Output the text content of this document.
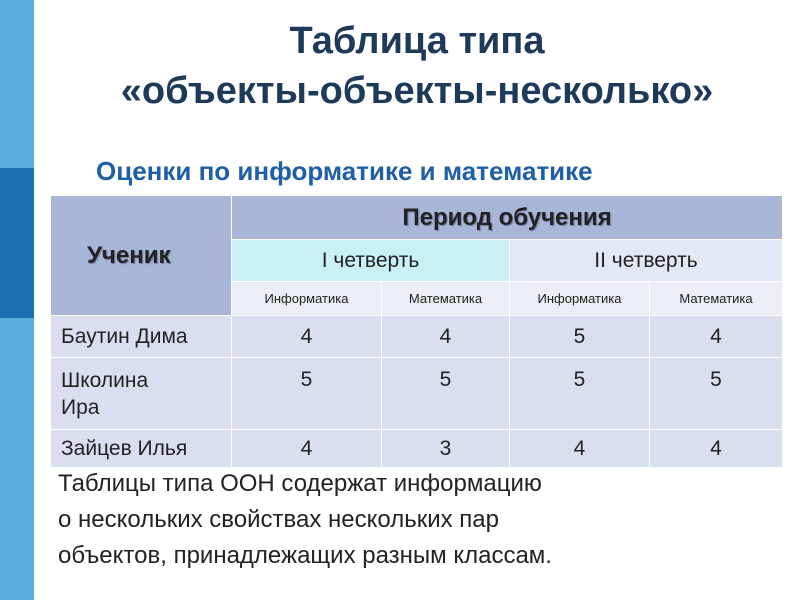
Таблица типа
«объекты-объекты-несколько»
Оценки по информатике и математике
Ученик	Период обучения			
	I четверть		II четверть	
	Информатика	Математика	Информатика	Математика
Баутин Дима	4	4	5	4
Школина Ира	5	5	5	5
Зайцев Илья	4	3	4	4
Таблицы типа ООН содержат информацию
о нескольких свойствах нескольких пар
объектов, принадлежащих разным классам.
